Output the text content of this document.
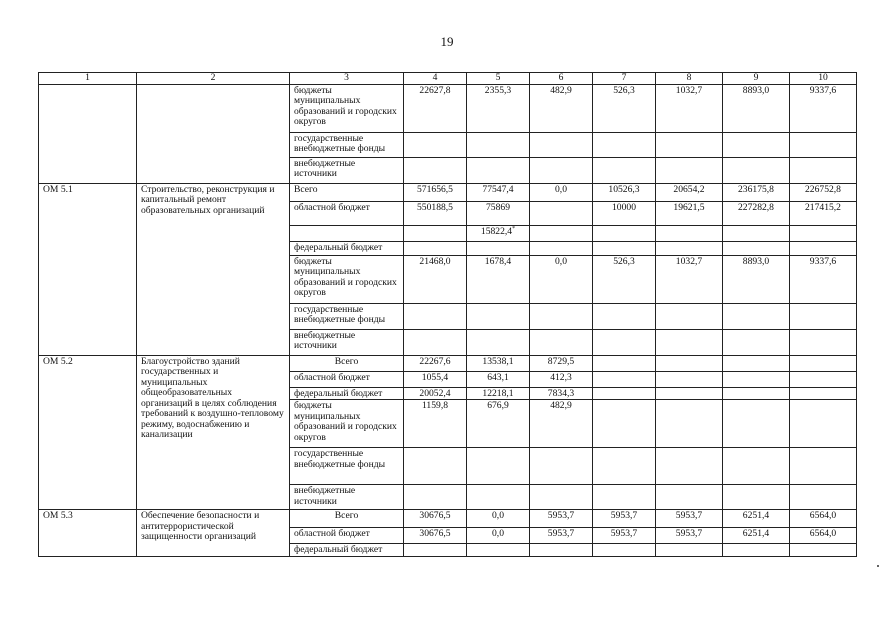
19
1	2	3	4	5	6	7	8	9	10
		бюджеты муниципальных образований и городских округов	22627,8	2355,3	482,9	526,3	1032,7	8893,0	9337,6
		государственные внебюджетные фонды							
		внебюджетные источники							
ОМ 5.1	Строительство, реконструкция и капитальный ремонт образовательных организаций	Всего	571656,5	77547,4	0,0	10526,3	20654,2	236175,8	226752,8
		областной бюджет	550188,5	75869		10000	19621,5	227282,8	217415,2
				15822,4*					
		федеральный бюджет							
		бюджеты муниципальных образований и городских округов	21468,0	1678,4	0,0	526,3	1032,7	8893,0	9337,6
		государственные внебюджетные фонды							
		внебюджетные источники							
ОМ 5.2	Благоустройство зданий государственных и муниципальных общеобразовательных организаций в целях соблюдения требований к воздушно-тепловому режиму, водоснабжению и канализации	Всего	22267,6	13538,1	8729,5				
		областной бюджет	1055,4	643,1	412,3				
		федеральный бюджет	20052,4	12218,1	7834,3				
		бюджеты муниципальных образований и городских округов	1159,8	676,9	482,9				
		государственные внебюджетные фонды							
		внебюджетные источники							
ОМ 5.3	Обеспечение безопасности и антитеррористической защищенности организаций	Всего	30676,5	0,0	5953,7	5953,7	5953,7	6251,4	6564,0
		областной бюджет	30676,5	0,0	5953,7	5953,7	5953,7	6251,4	6564,0
		федеральный бюджет							
